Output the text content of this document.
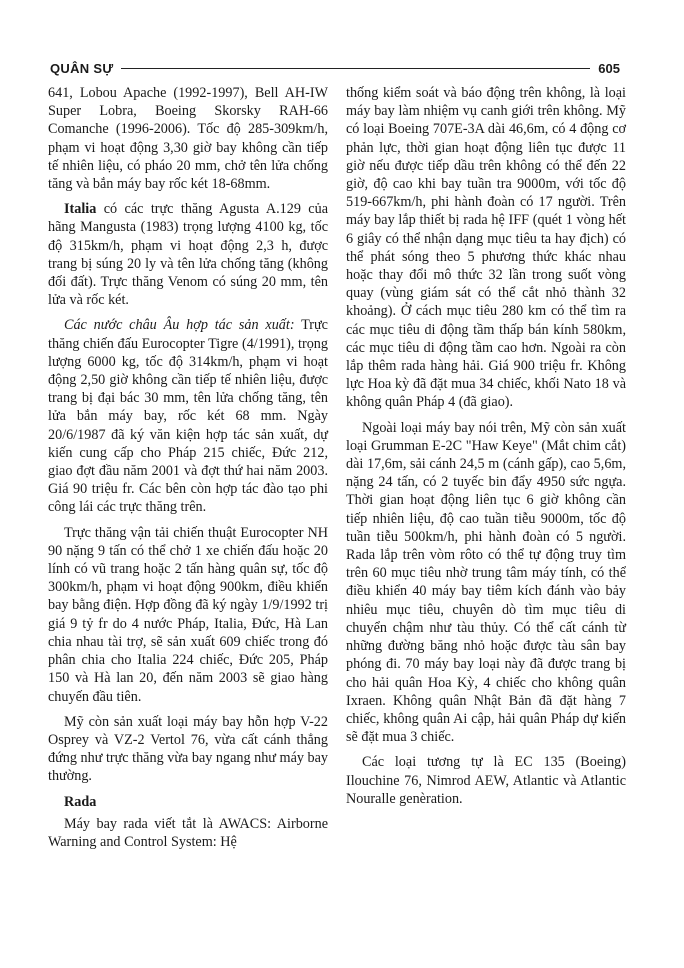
QUÂN SỰ	605

641, Lobou Apache (1992-1997), Bell AH-IW Super Lobra, Boeing Skorsky RAH-66 Comanche (1996-2006). Tốc độ 285-309km/h, phạm vi hoạt động 3,30 giờ bay không cần tiếp tế nhiên liệu, có pháo 20 mm, chở tên lửa chống tăng và bắn máy bay rốc két 18-68mm.

Italia có các trực thăng Agusta A.129 của hãng Mangusta (1983) trọng lượng 4100 kg, tốc độ 315km/h, phạm vi hoạt động 2,3 h, được trang bị súng 20 ly và tên lửa chống tăng (không đối đất). Trực thăng Venom có súng 20 mm, tên lửa và rốc két.

Các nước châu Âu hợp tác sản xuất: Trực thăng chiến đấu Eurocopter Tigre (4/1991), trọng lượng 6000 kg, tốc độ 314km/h, phạm vi hoạt động 2,50 giờ không cần tiếp tế nhiên liệu, được trang bị đại bác 30 mm, tên lửa chống tăng, tên lửa bắn máy bay, rốc két 68 mm. Ngày 20/6/1987 đã ký văn kiện hợp tác sản xuất, dự kiến cung cấp cho Pháp 215 chiếc, Đức 212, giao đợt đầu năm 2001 và đợt thứ hai năm 2003. Giá 90 triệu fr. Các bên còn hợp tác đào tạo phi công lái các trực thăng trên.

Trực thăng vận tải chiến thuật Eurocopter NH 90 nặng 9 tấn có thể chở 1 xe chiến đấu hoặc 20 lính có vũ trang hoặc 2 tấn hàng quân sự, tốc độ 300km/h, phạm vi hoạt động 900km, điều khiển bay bằng điện. Hợp đồng đã ký ngày 1/9/1992 trị giá 9 tỷ fr do 4 nước Pháp, Italia, Đức, Hà Lan chia nhau tài trợ, sẽ sản xuất 609 chiếc trong đó phân chia cho Italia 224 chiếc, Đức 205, Pháp 150 và Hà lan 20, đến năm 2003 sẽ giao hàng chuyến đầu tiên.

Mỹ còn sản xuất loại máy bay hỗn hợp V-22 Osprey và VZ-2 Vertol 76, vừa cất cánh thẳng đứng như trực thăng vừa bay ngang như máy bay thường.

Rada

Máy bay rada viết tắt là AWACS: Airborne Warning and Control System: Hệ

thống kiểm soát và báo động trên không, là loại máy bay làm nhiệm vụ canh giới trên không. Mỹ có loại Boeing 707E-3A dài 46,6m, có 4 động cơ phản lực, thời gian hoạt động liên tục được 11 giờ nếu được tiếp dầu trên không có thể đến 22 giờ, độ cao khi bay tuần tra 9000m, với tốc độ 519-667km/h, phi hành đoàn có 17 người. Trên máy bay lắp thiết bị rada hệ IFF (quét 1 vòng hết 6 giây có thể nhận dạng mục tiêu ta hay địch) có thể phát sóng theo 5 phương thức khác nhau hoặc thay đổi mô thức 32 lần trong suốt vòng quay (vùng giám sát có thể cắt nhỏ thành 32 khoảng). Ở cách mục tiêu 280 km có thể tìm ra các mục tiêu di động tầm thấp bán kính 580km, các mục tiêu di động tầm cao hơn. Ngoài ra còn lắp thêm rada hàng hải. Giá 900 triệu fr. Không lực Hoa kỳ đã đặt mua 34 chiếc, khối Nato 18 và không quân Pháp 4 (đã giao).

Ngoài loại máy bay nói trên, Mỹ còn sản xuất loại Grumman E-2C "Haw Keye" (Mắt chim cắt) dài 17,6m, sải cánh 24,5 m (cánh gấp), cao 5,6m, nặng 24 tấn, có 2 tuyếc bin đẩy 4950 sức ngựa. Thời gian hoạt động liên tục 6 giờ không cần tiếp nhiên liệu, độ cao tuần tiễu 9000m, tốc độ tuần tiễu 500km/h, phi hành đoàn có 5 người. Rada lắp trên vòm rôto có thể tự động truy tìm trên 60 mục tiêu nhờ trung tâm máy tính, có thể điều khiển 40 máy bay tiêm kích đánh vào bảy nhiêu mục tiêu, chuyên dò tìm mục tiêu di chuyển chậm như tàu thủy. Có thể cất cánh từ những đường băng nhỏ hoặc được tàu sân bay phóng đi. 70 máy bay loại này đã được trang bị cho hải quân Hoa Kỳ, 4 chiếc cho không quân Ixraen. Không quân Nhật Bản đã đặt hàng 7 chiếc, không quân Ai cập, hải quân Pháp dự kiến sẽ đặt mua 3 chiếc.

Các loại tương tự là EC 135 (Boeing) Ilouchine 76, Nimrod AEW, Atlantic và Atlantic Nouralle genèration.
